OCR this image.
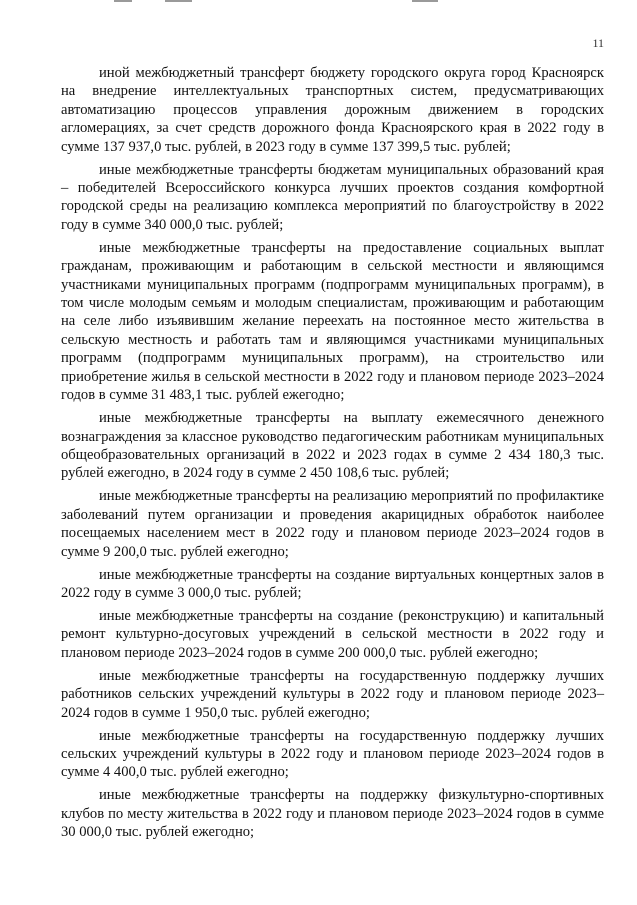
11

иной межбюджетный трансферт бюджету городского округа город Красноярск на внедрение интеллектуальных транспортных систем, предусматривающих автоматизацию процессов управления дорожным движением в городских агломерациях, за счет средств дорожного фонда Красноярского края в 2022 году в сумме 137 937,0 тыс. рублей, в 2023 году в сумме 137 399,5 тыс. рублей;

иные межбюджетные трансферты бюджетам муниципальных образований края – победителей Всероссийского конкурса лучших проектов создания комфортной городской среды на реализацию комплекса мероприятий по благоустройству в 2022 году в сумме 340 000,0 тыс. рублей;

иные межбюджетные трансферты на предоставление социальных выплат гражданам, проживающим и работающим в сельской местности и являющимся участниками муниципальных программ (подпрограмм муниципальных программ), в том числе молодым семьям и молодым специалистам, проживающим и работающим на селе либо изъявившим желание переехать на постоянное место жительства в сельскую местность и работать там и являющимся участниками муниципальных программ (подпрограмм муниципальных программ), на строительство или приобретение жилья в сельской местности в 2022 году и плановом периоде 2023–2024 годов в сумме 31 483,1 тыс. рублей ежегодно;

иные межбюджетные трансферты на выплату ежемесячного денежного вознаграждения за классное руководство педагогическим работникам муниципальных общеобразовательных организаций в 2022 и 2023 годах в сумме 2 434 180,3 тыс. рублей ежегодно, в 2024 году в сумме 2 450 108,6 тыс. рублей;

иные межбюджетные трансферты на реализацию мероприятий по профилактике заболеваний путем организации и проведения акарицидных обработок наиболее посещаемых населением мест в 2022 году и плановом периоде 2023–2024 годов в сумме 9 200,0 тыс. рублей ежегодно;

иные межбюджетные трансферты на создание виртуальных концертных залов в 2022 году в сумме 3 000,0 тыс. рублей;

иные межбюджетные трансферты на создание (реконструкцию) и капитальный ремонт культурно-досуговых учреждений в сельской местности в 2022 году и плановом периоде 2023–2024 годов в сумме 200 000,0 тыс. рублей ежегодно;

иные межбюджетные трансферты на государственную поддержку лучших работников сельских учреждений культуры в 2022 году и плановом периоде 2023–2024 годов в сумме 1 950,0 тыс. рублей ежегодно;

иные межбюджетные трансферты на государственную поддержку лучших сельских учреждений культуры в 2022 году и плановом периоде 2023–2024 годов в сумме 4 400,0 тыс. рублей ежегодно;

иные межбюджетные трансферты на поддержку физкультурно-спортивных клубов по месту жительства в 2022 году и плановом периоде 2023–2024 годов в сумме 30 000,0 тыс. рублей ежегодно;
